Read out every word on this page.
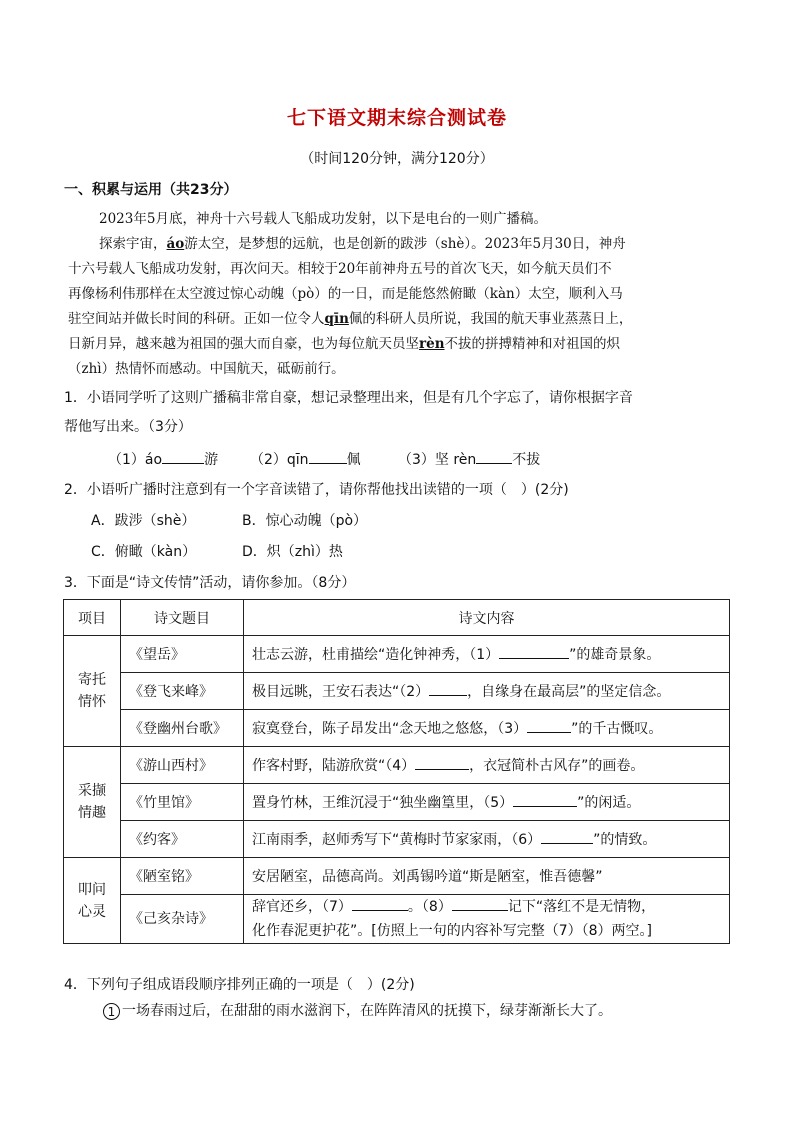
七下语文期末综合测试卷
（时间120分钟，满分120分）
一、积累与运用（共23分）
2023年5月底，神舟十六号载人飞船成功发射，以下是电台的一则广播稿。
探索宇宙，áo游太空，是梦想的远航，也是创新的跋涉（shè）。2023年5月30日，神舟
十六号载人飞船成功发射，再次问天。相较于20年前神舟五号的首次飞天，如今航天员们不
再像杨利伟那样在太空渡过惊心动魄（pò）的一日，而是能悠然俯瞰（kàn）太空，顺利入马
驻空间站并做长时间的科研。正如一位令人qīn佩的科研人员所说，我国的航天事业蒸蒸日上，
日新月异，越来越为祖国的强大而自豪，也为每位航天员坚rèn不拔的拼搏精神和对祖国的炽
（zhì）热情怀而感动。中国航天，砥砺前行。
1．小语同学听了这则广播稿非常自豪，想记录整理出来，但是有几个字忘了，请你根据字音
帮他写出来。（3分）
（1）áo	游 （2）qīn	佩	（3）坚 rèn	不拔
2．小语听广播时注意到有一个字音读错了，请你帮他找出读错的一项（　）(2分)
A．跋涉（shè）	B．惊心动魄（pò）
C．俯瞰（kàn）	D．炽（zhì）热
3．下面是“诗文传情”活动，请你参加。（8分）
项目	诗文题目	诗文内容
寄托
情怀	《望岳》	壮志云游，杜甫描绘“造化钟神秀，（1） ”的雄奇景象。
	《登飞来峰》	极目远眺，王安石表达“（2） ，自缘身在最高层”的坚定信念。
	《登幽州台歌》	寂寞登台，陈子昂发出“念天地之悠悠，（3） ”的千古慨叹。
采撷
情趣	《游山西村》	作客村野，陆游欣赏“（4） ，衣冠简朴古风存”的画卷。
	《竹里馆》	置身竹林，王维沉浸于“独坐幽篁里，（5） ”的闲适。
	《约客》	江南雨季，赵师秀写下“黄梅时节家家雨，（6） ”的情致。
叩问
心灵	《陋室铭》	安居陋室，品德高尚。刘禹锡吟道“斯是陋室，惟吾德馨”
	《己亥杂诗》	辞官还乡，（7） 。（8） 记下“落红不是无情物，
化作春泥更护花”。[仿照上一句的内容补写完整（7）（8）两空。]
4．下列句子组成语段顺序排列正确的一项是（　）(2分)
1 一场春雨过后，在甜甜的雨水滋润下，在阵阵清风的抚摸下，绿芽渐渐长大了。
